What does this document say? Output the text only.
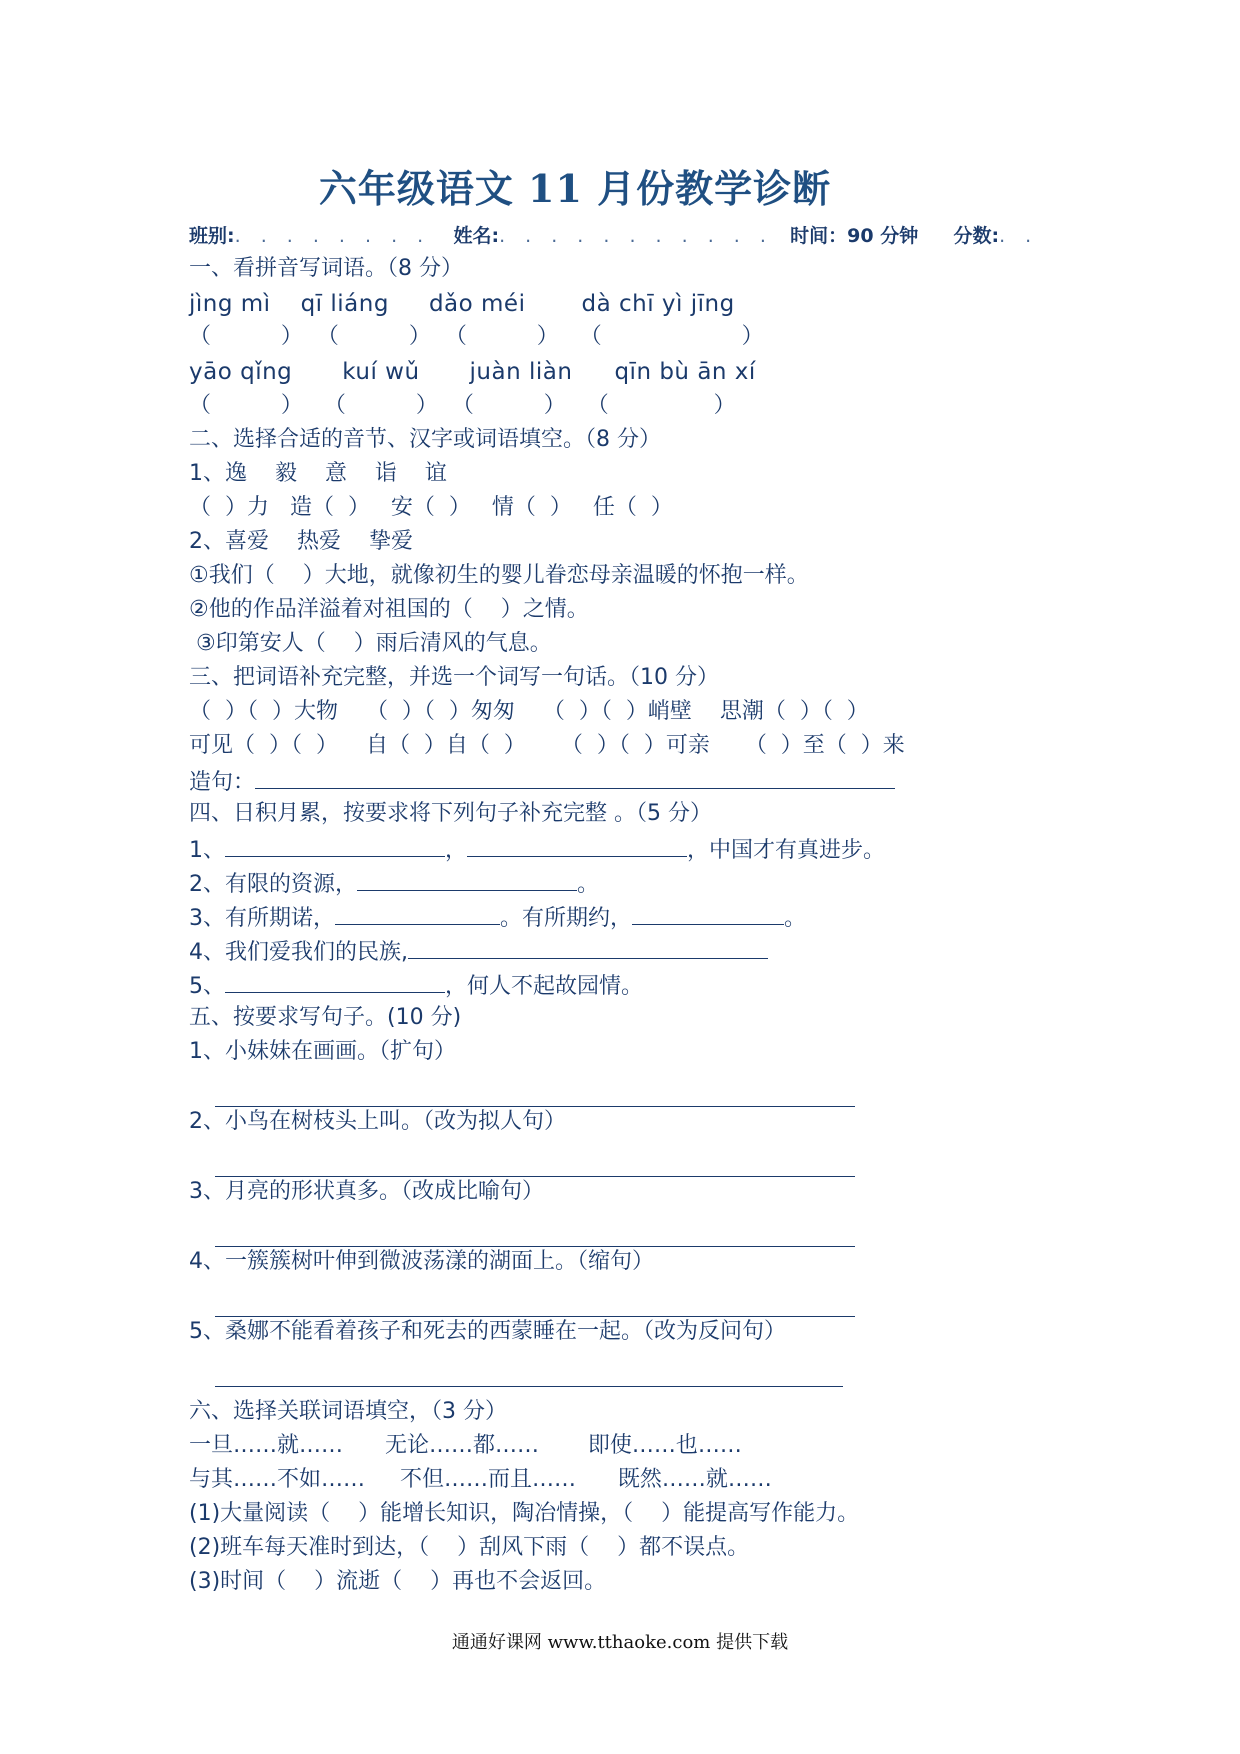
六年级语文 11 月份教学诊断
班别:. . . . . . . . 姓名:. . . . . . . . . . . 时间：90 分钟 分数:. .
一、看拼音写词语。（8 分）
jìng mì qī liáng dǎo méi dà chī yì jīng
（          ）  （          ）  （          ）   （                    ）
yāo qǐng kuí wǔ juàn liàn qīn bù ān xí
（          ）   （          ）  （          ）   （               ）
二、选择合适的音节、汉字或词语填空。（8 分）
1、逸    毅    意    诣    谊
（  ）力   造（  ）   安（  ）   情（  ）   任（  ）
2、喜爱    热爱    挚爱
①我们（    ）大地，就像初生的婴儿眷恋母亲温暖的怀抱一样。
②他的作品洋溢着对祖国的（    ）之情。
③印第安人（    ）雨后清风的气息。
三、把词语补充完整，并选一个词写一句话。（10 分）
（  ）（  ）大物    （  ）（  ）匆匆    （  ）（  ）峭壁    思潮（  ）（  ）
可见（  ）（  ）    自（  ）自（  ）     （  ）（  ）可亲     （  ）至（  ）来
造句：
四、日积月累，按要求将下列句子补充完整 。（5 分）
1、	，	，中国才有真进步。
2、有限的资源，	。
3、有所期诺，	。有所期约，	。
4、我们爱我们的民族,
5、	，何人不起故园情。
五、按要求写句子。(10 分)
1、小妹妹在画画。（扩句）
2、小鸟在树枝头上叫。（改为拟人句）
3、月亮的形状真多。（改成比喻句）
4、一簇簇树叶伸到微波荡漾的湖面上。（缩句）
5、桑娜不能看着孩子和死去的西蒙睡在一起。（改为反问句）
六、选择关联词语填空，（3 分）
一旦……就……      无论……都……       即使……也……
与其……不如……     不但……而且……      既然……就……
(1)大量阅读（    ）能增长知识，陶冶情操，（    ）能提高写作能力。
(2)班车每天准时到达，（    ）刮风下雨（    ）都不误点。
(3)时间（    ）流逝（    ）再也不会返回。
通通好课网 www.tthaoke.com 提供下载
